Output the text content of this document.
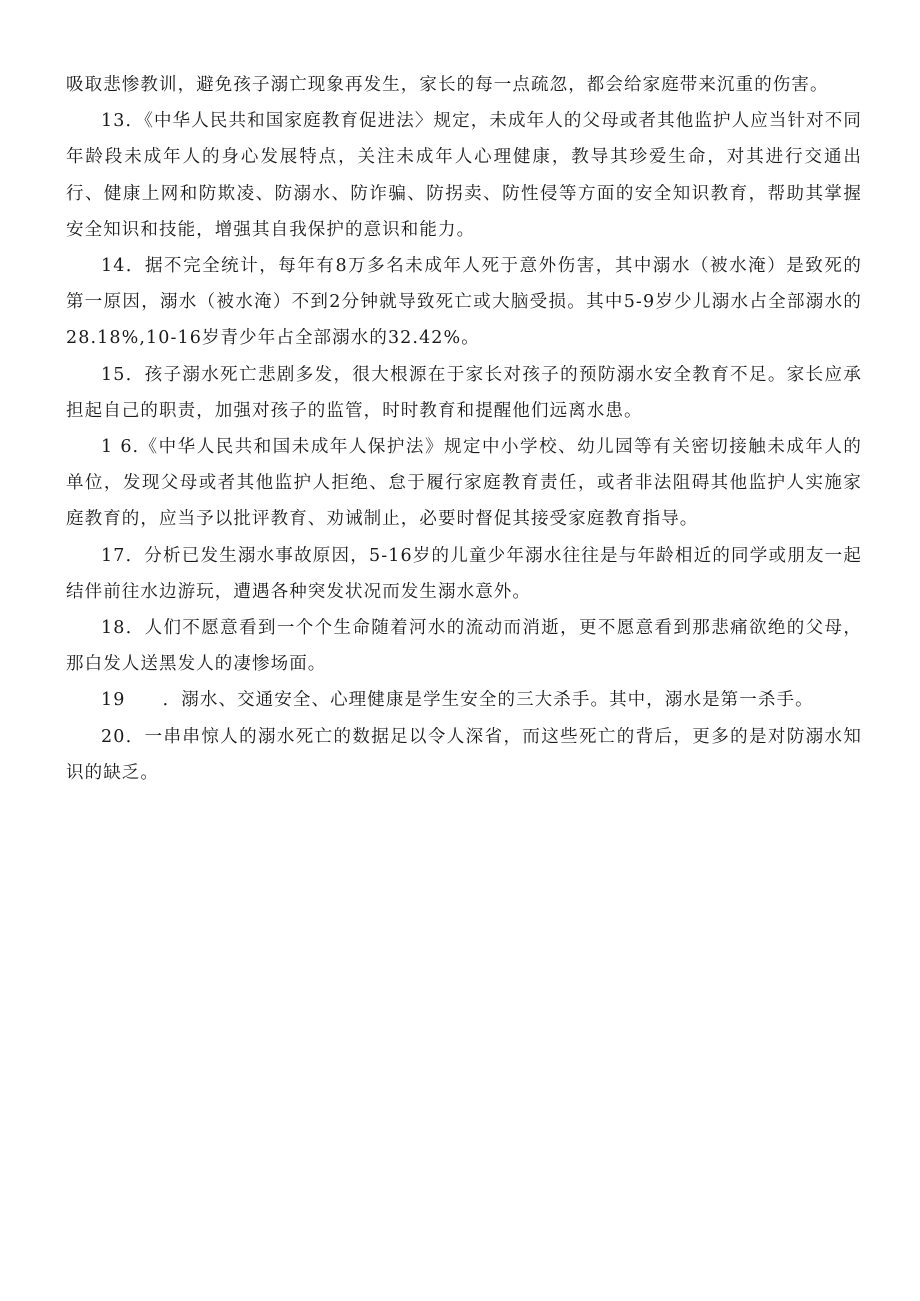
吸取悲惨教训，避免孩子溺亡现象再发生，家长的每一点疏忽，都会给家庭带来沉重的伤害。

13．《中华人民共和国家庭教育促进法〉规定，未成年人的父母或者其他监护人应当针对不同年龄段未成年人的身心发展特点，关注未成年人心理健康，教导其珍爱生命，对其进行交通出行、健康上网和防欺凌、防溺水、防诈骗、防拐卖、防性侵等方面的安全知识教育，帮助其掌握安全知识和技能，增强其自我保护的意识和能力。

14．据不完全统计，每年有8万多名未成年人死于意外伤害，其中溺水（被水淹）是致死的第一原因，溺水（被水淹）不到2分钟就导致死亡或大脑受损。其中5-9岁少儿溺水占全部溺水的28.18%,10-16岁青少年占全部溺水的32.42%。

15．孩子溺水死亡悲剧多发，很大根源在于家长对孩子的预防溺水安全教育不足。家长应承担起自己的职责，加强对孩子的监管，时时教育和提醒他们远离水患。

1 6.《中华人民共和国未成年人保护法》规定中小学校、幼儿园等有关密切接触未成年人的单位，发现父母或者其他监护人拒绝、怠于履行家庭教育责任，或者非法阻碍其他监护人实施家庭教育的，应当予以批评教育、劝诫制止，必要时督促其接受家庭教育指导。

17．分析已发生溺水事故原因，5-16岁的儿童少年溺水往往是与年龄相近的同学或朋友一起结伴前往水边游玩，遭遇各种突发状况而发生溺水意外。

18．人们不愿意看到一个个生命随着河水的流动而消逝，更不愿意看到那悲痛欲绝的父母，那白发人送黑发人的凄惨场面。

19　　．溺水、交通安全、心理健康是学生安全的三大杀手。其中，溺水是第一杀手。

20．一串串惊人的溺水死亡的数据足以令人深省，而这些死亡的背后，更多的是对防溺水知识的缺乏。
